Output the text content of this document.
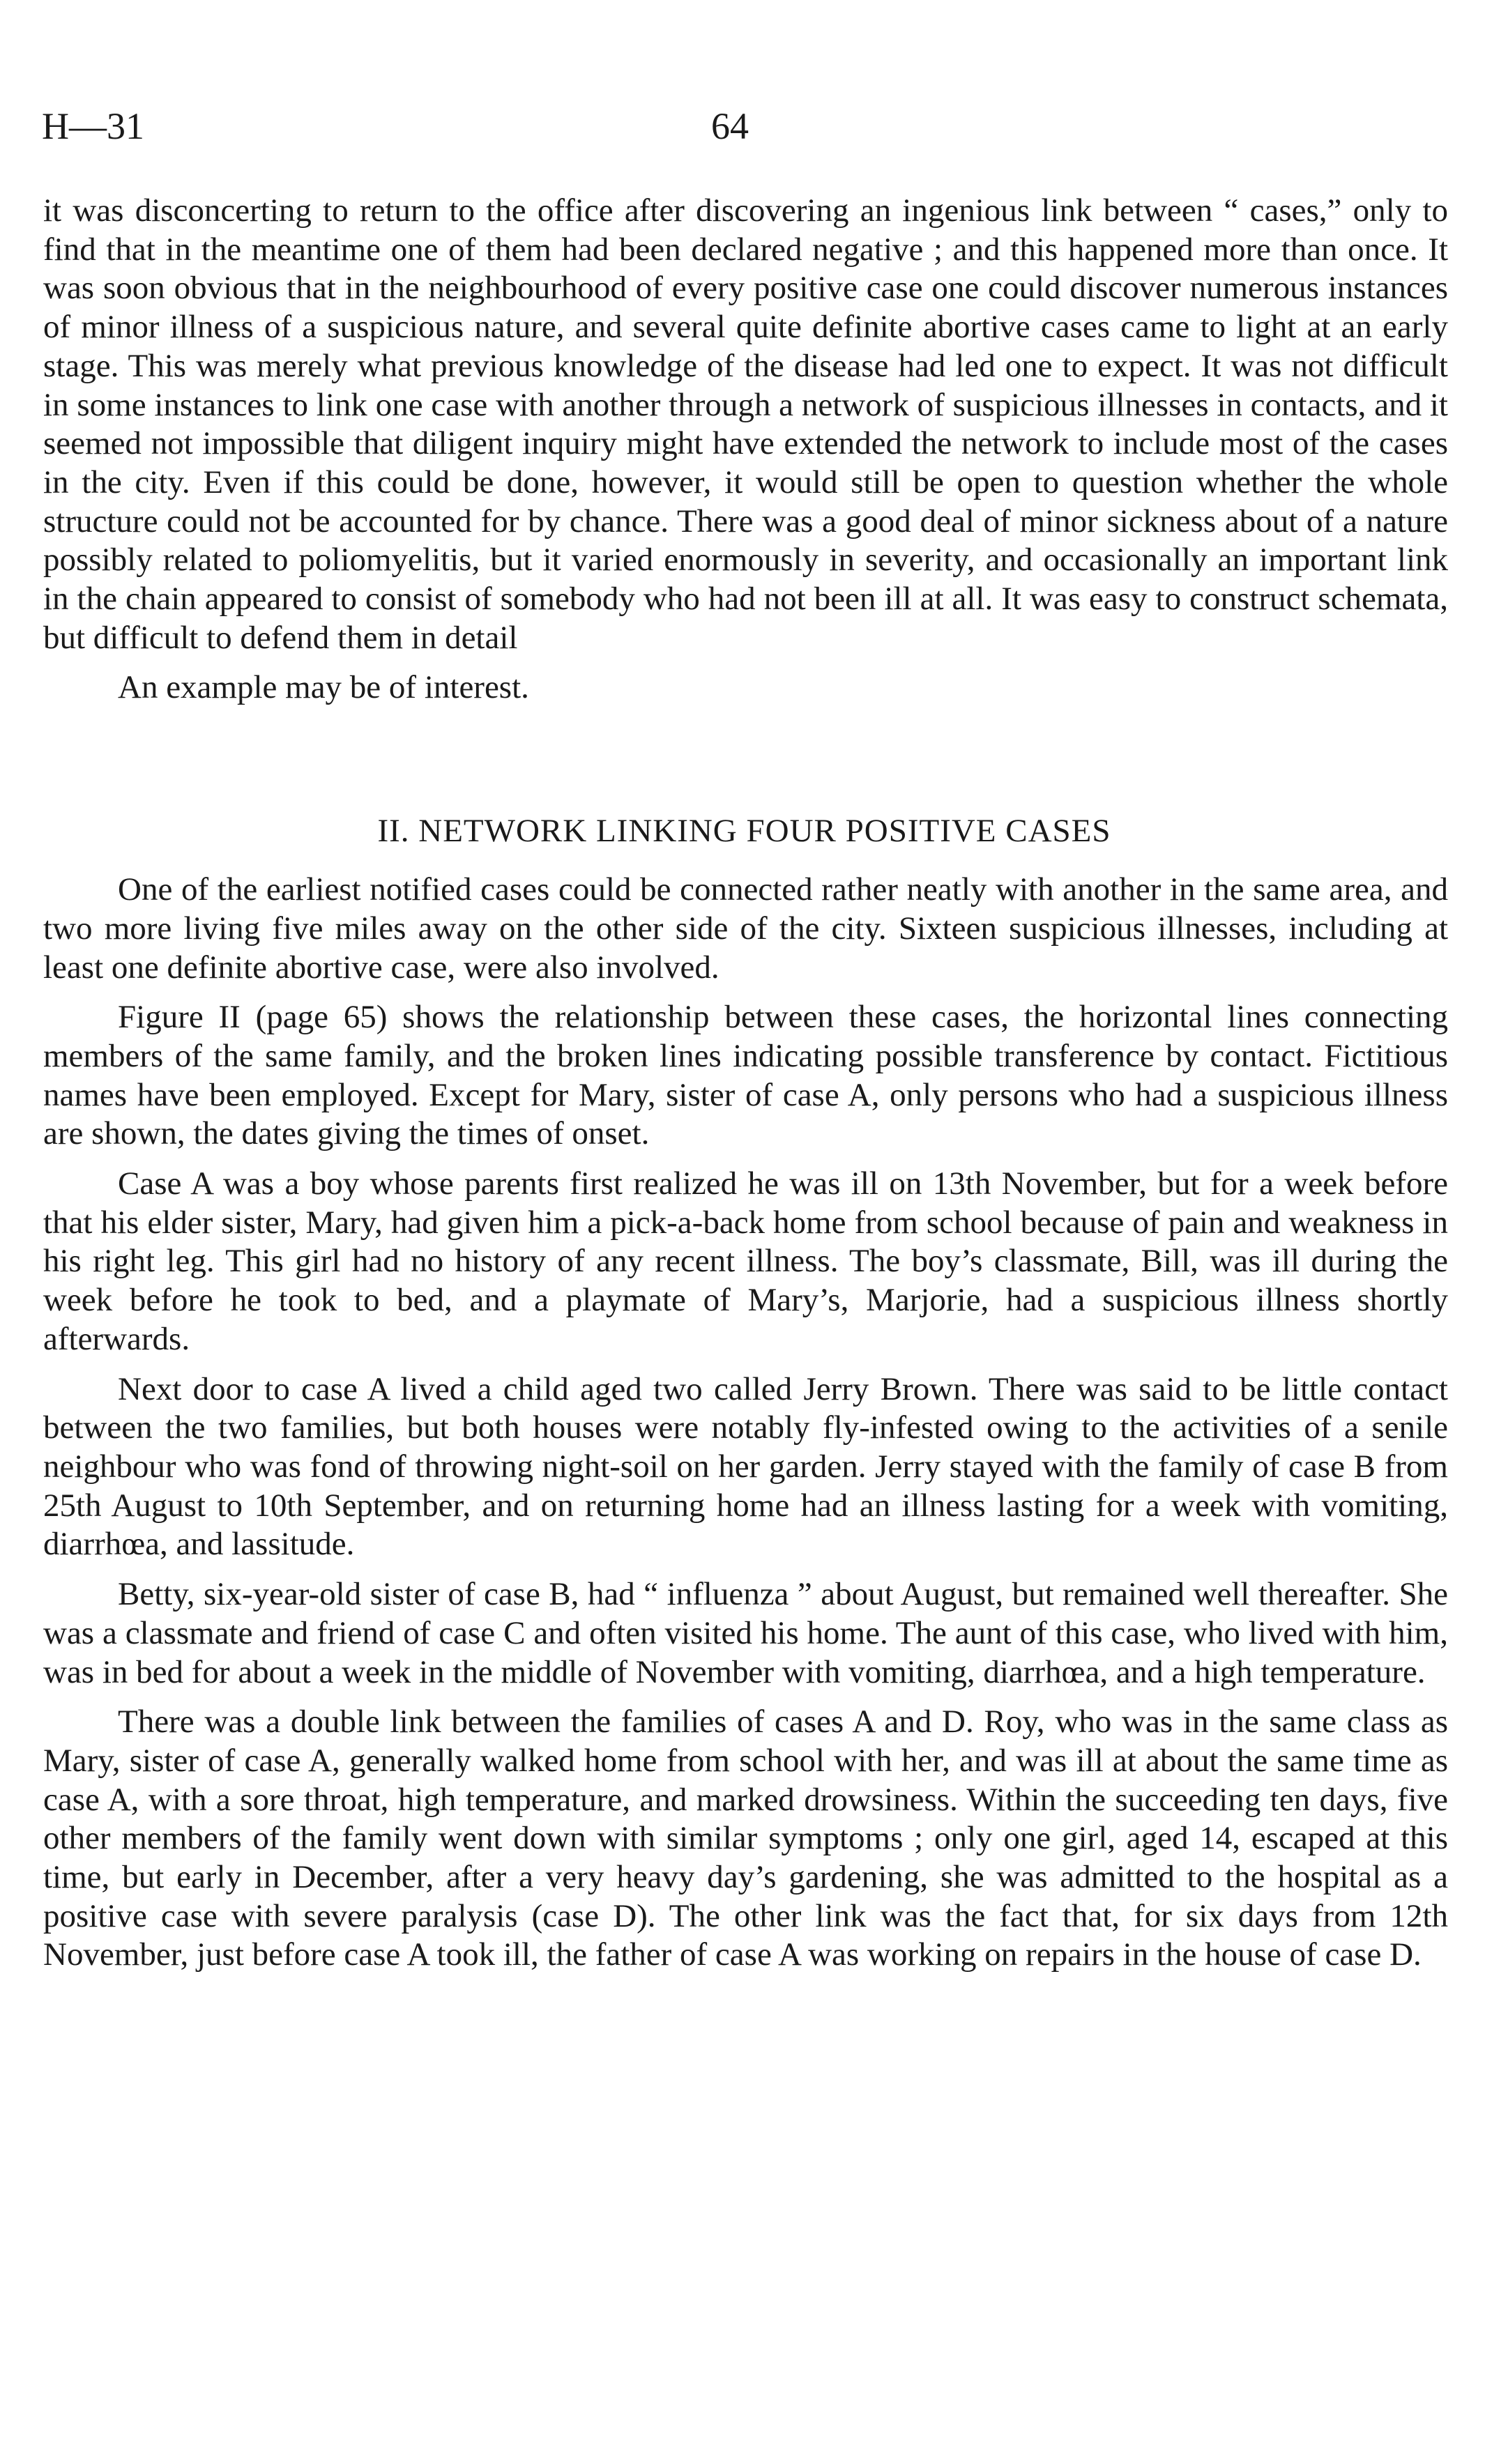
H—31	64

it was disconcerting to return to the office after discovering an ingenious link between “ cases,” only to find that in the meantime one of them had been declared negative ; and this happened more than once. It was soon obvious that in the neighbourhood of every positive case one could discover numerous instances of minor illness of a suspicious nature, and several quite definite abortive cases came to light at an early stage. This was merely what previous knowledge of the disease had led one to expect. It was not difficult in some instances to link one case with another through a network of suspicious illnesses in contacts, and it seemed not impossible that diligent inquiry might have extended the network to include most of the cases in the city. Even if this could be done, however, it would still be open to question whether the whole structure could not be accounted for by chance. There was a good deal of minor sickness about of a nature possibly related to poliomyelitis, but it varied enormously in severity, and occasionally an important link in the chain appeared to consist of somebody who had not been ill at all. It was easy to construct schemata, but difficult to defend them in detail

An example may be of interest.

II. NETWORK LINKING FOUR POSITIVE CASES

One of the earliest notified cases could be connected rather neatly with another in the same area, and two more living five miles away on the other side of the city. Sixteen suspicious illnesses, including at least one definite abortive case, were also involved.

Figure II (page 65) shows the relationship between these cases, the horizontal lines connecting members of the same family, and the broken lines indicating possible transference by contact. Fictitious names have been employed. Except for Mary, sister of case A, only persons who had a suspicious illness are shown, the dates giving the times of onset.

Case A was a boy whose parents first realized he was ill on 13th November, but for a week before that his elder sister, Mary, had given him a pick-a-back home from school because of pain and weakness in his right leg. This girl had no history of any recent illness. The boy’s classmate, Bill, was ill during the week before he took to bed, and a playmate of Mary’s, Marjorie, had a suspicious illness shortly afterwards.

Next door to case A lived a child aged two called Jerry Brown. There was said to be little contact between the two families, but both houses were notably fly-infested owing to the activities of a senile neighbour who was fond of throwing night-soil on her garden. Jerry stayed with the family of case B from 25th August to 10th September, and on returning home had an illness lasting for a week with vomiting, diarrhœa, and lassitude.

Betty, six-year-old sister of case B, had “ influenza ” about August, but remained well thereafter. She was a classmate and friend of case C and often visited his home. The aunt of this case, who lived with him, was in bed for about a week in the middle of November with vomiting, diarrhœa, and a high temperature.

There was a double link between the families of cases A and D. Roy, who was in the same class as Mary, sister of case A, generally walked home from school with her, and was ill at about the same time as case A, with a sore throat, high temperature, and marked drowsiness. Within the succeeding ten days, five other members of the family went down with similar symptoms ; only one girl, aged 14, escaped at this time, but early in December, after a very heavy day’s gardening, she was admitted to the hospital as a positive case with severe paralysis (case D). The other link was the fact that, for six days from 12th November, just before case A took ill, the father of case A was working on repairs in the house of case D.
